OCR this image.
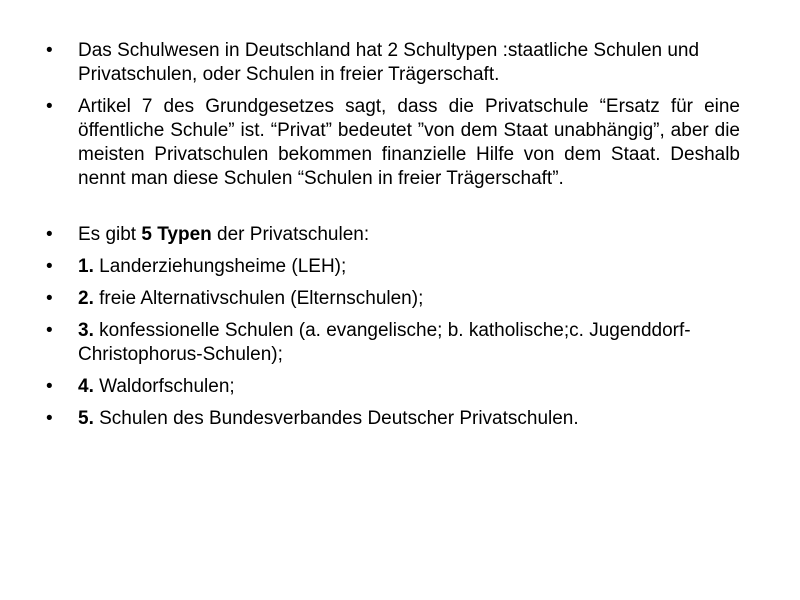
•	Das Schulwesen in Deutschland hat 2 Schultypen :staatliche Schulen und Privatschulen, oder Schulen in freier Trägerschaft.
•	Artikel 7 des Grundgesetzes sagt, dass die Privatschule “Ersatz für eine öffentliche Schule” ist. “Privat” bedeutet ”von dem Staat unabhängig”, aber die meisten Privatschulen bekommen finanzielle Hilfe von dem Staat. Deshalb nennt man diese Schulen “Schulen in freier Trägerschaft”.
•	Es gibt 5 Typen der Privatschulen:
•	1. Landerziehungsheime (LEH);
•	2. freie Alternativschulen (Elternschulen);
•	3. konfessionelle Schulen (a. evangelische; b. katholische;c. Jugenddorf-Christophorus-Schulen);
•	4. Waldorfschulen;
•	5. Schulen des Bundesverbandes Deutscher Privatschulen.
